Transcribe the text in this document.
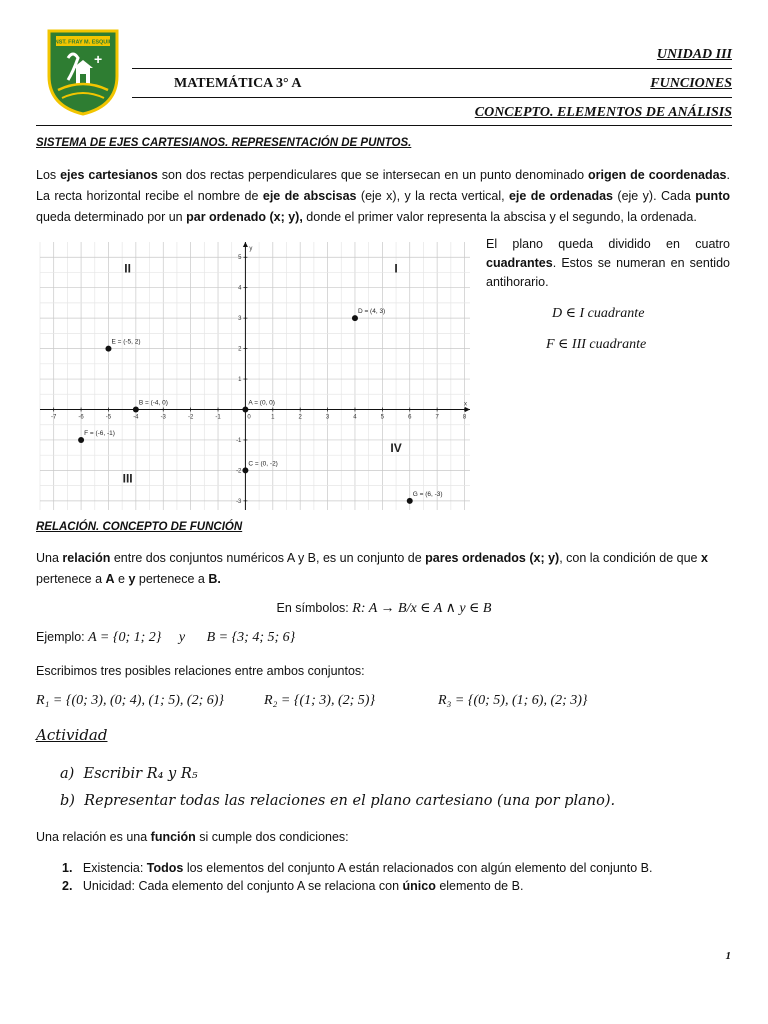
INST. FRAY M. ESQUIU
+
MATEMÁTICA 3° A
UNIDAD III
FUNCIONES
CONCEPTO. ELEMENTOS DE ANÁLISIS
SISTEMA DE EJES CARTESIANOS. REPRESENTACIÓN DE PUNTOS.
Los ejes cartesianos son dos rectas perpendiculares que se intersecan en un punto denominado origen de coordenadas. La recta horizontal recibe el nombre de eje de abscisas (eje x), y la recta vertical, eje de ordenadas (eje y). Cada punto queda determinado por un par ordenado (x; y), donde el primer valor representa la abscisa y el segundo, la ordenada.
x
y
-7	-6	-5	-4	-3	-2	-1	1	2	3	4	5	6	7	8
-3
-2
-1
1
2
3
4
5
0
I
II
III
IV
A = (0, 0)
B = (-4, 0)
C = (0, -2)
D = (4, 3)
E = (-5, 2)
F = (-6, -1)
G = (6, -3)
El plano queda dividido en cuatro cuadrantes. Estos se numeran en sentido antihorario.
D ∈ I cuadrante
F ∈ III cuadrante
RELACIÓN. CONCEPTO DE FUNCIÓN
Una relación entre dos conjuntos numéricos A y B, es un conjunto de pares ordenados (x; y), con la condición de que x
pertenece a A e y pertenece a B.
En símbolos: R: A → B/x ∈ A ∧ y ∈ B
Ejemplo: A = {0; 1; 2} y B = {3; 4; 5; 6}
Escribimos tres posibles relaciones entre ambos conjuntos:
R₁ = {(0; 3), (0; 4), (1; 5), (2; 6)}	R₂ = {(1; 3), (2; 5)}	R₃ = {(0; 5), (1; 6), (2; 3)}
Actividad
a) Escribir R₄ y R₅
b) Representar todas las relaciones en el plano cartesiano (una por plano).
Una relación es una función si cumple dos condiciones:
1. Existencia: Todos los elementos del conjunto A están relacionados con algún elemento del conjunto B.
2. Unicidad: Cada elemento del conjunto A se relaciona con único elemento de B.
1
